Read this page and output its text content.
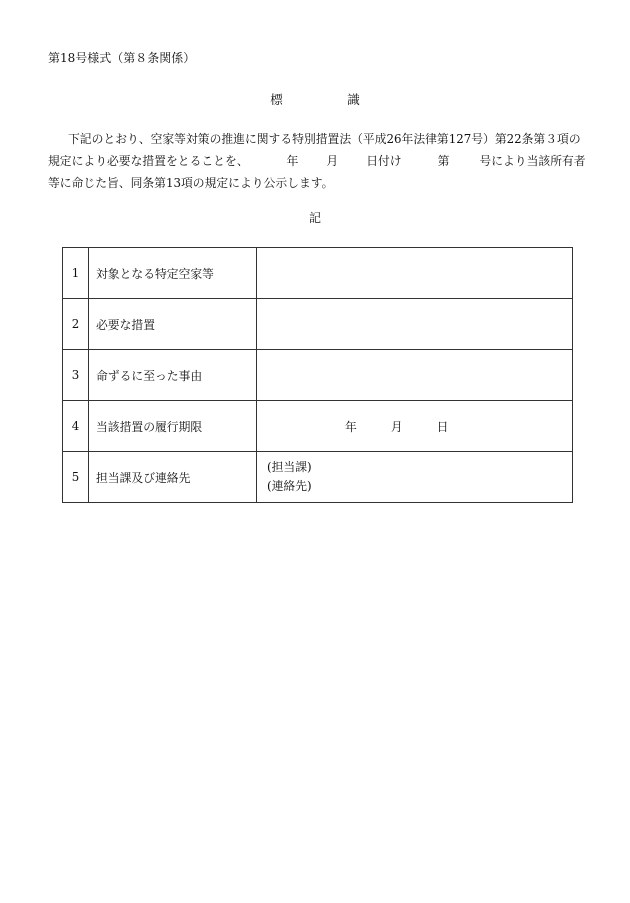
第18号様式（第８条関係）
標　識
下記のとおり、空家等対策の推進に関する特別措置法（平成26年法律第127号）第22条第３項の
規定により必要な措置をとることを、	年 月 日付け	第	号により当該所有者
等に命じた旨、同条第13項の規定により公示します。
記
1	対象となる特定空家等	
2	必要な措置	
3	命ずるに至った事由	
4	当該措置の履行期限	年 月 日

5	担当課及び連絡先	(担当課)
(連絡先)
